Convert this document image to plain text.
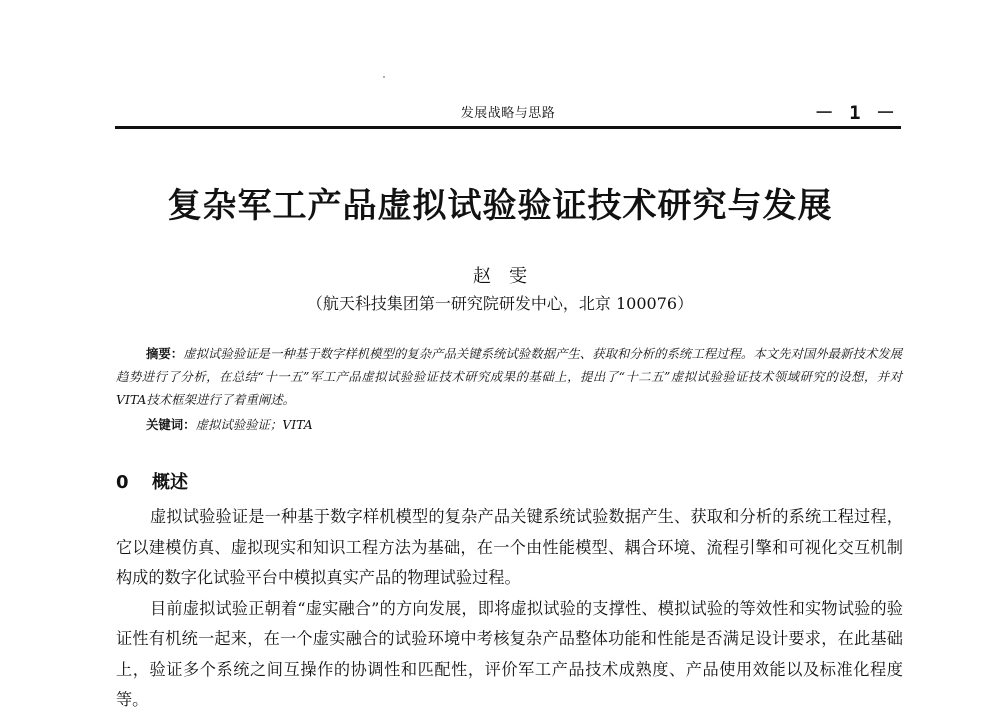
发展战略与思路	－ 1 －
复杂军工产品虚拟试验验证技术研究与发展
赵雯
（航天科技集团第一研究院研发中心，北京 100076）

摘要：虚拟试验验证是一种基于数字样机模型的复杂产品关键系统试验数据产生、获取和分析的系统工程过程。本文先对国外最新技术发展趋势进行了分析，在总结“十一五”军工产品虚拟试验验证技术研究成果的基础上，提出了“十二五”虚拟试验验证技术领域研究的设想，并对VITA技术框架进行了着重阐述。

关键词：虚拟试验验证；VITA
0 概述

虚拟试验验证是一种基于数字样机模型的复杂产品关键系统试验数据产生、获取和分析的系统工程过程，它以建模仿真、虚拟现实和知识工程方法为基础，在一个由性能模型、耦合环境、流程引擎和可视化交互机制构成的数字化试验平台中模拟真实产品的物理试验过程。

目前虚拟试验正朝着“虚实融合”的方向发展，即将虚拟试验的支撑性、模拟试验的等效性和实物试验的验证性有机统一起来，在一个虚实融合的试验环境中考核复杂产品整体功能和性能是否满足设计要求，在此基础上，验证多个系统之间互操作的协调性和匹配性，评价军工产品技术成熟度、产品使用效能以及标准化程度等。
